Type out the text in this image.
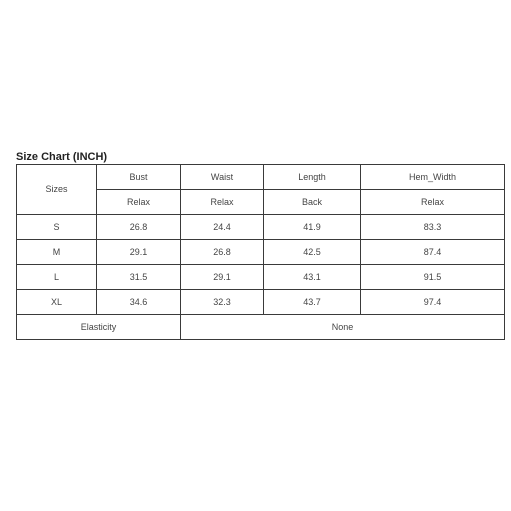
Size Chart (INCH)
Sizes	Bust	Waist	Length	Hem_Width
	Relax	Relax	Back	Relax
S	26.8	24.4	41.9	83.3
M	29.1	26.8	42.5	87.4
L	31.5	29.1	43.1	91.5
XL	34.6	32.3	43.7	97.4
Elasticity		None		
